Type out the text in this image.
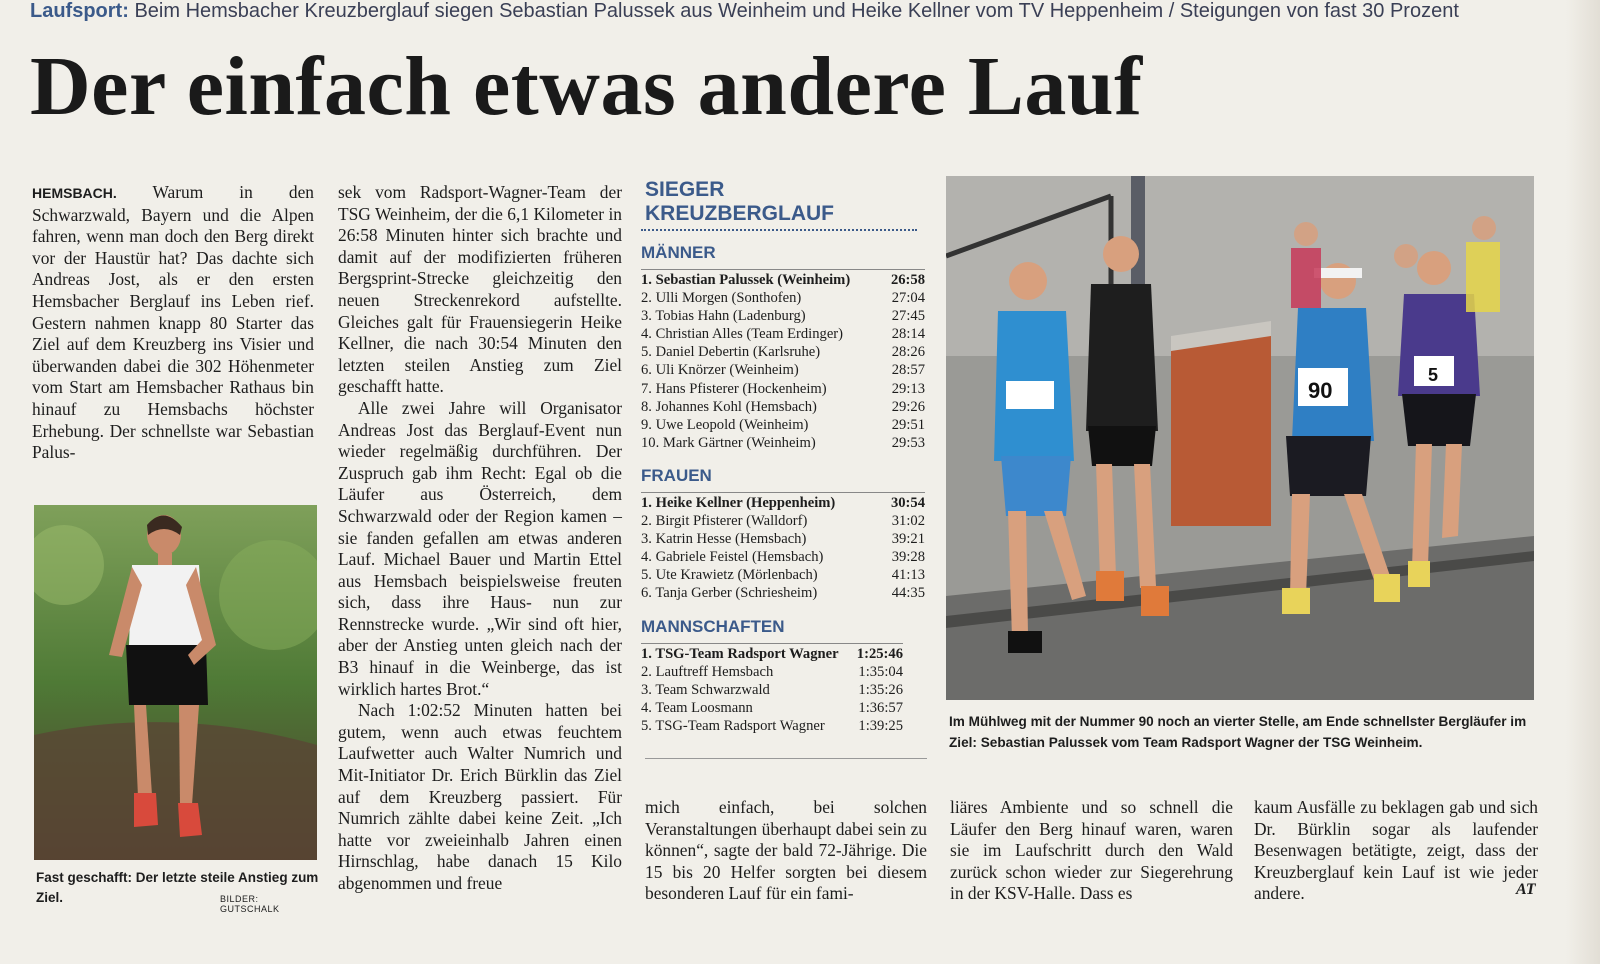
Laufsport: Beim Hemsbacher Kreuzberglauf siegen Sebastian Palussek aus Weinheim und Heike Kellner vom TV Heppenheim / Steigungen von fast 30 Prozent
Der einfach etwas andere Lauf

HEMSBACH. Warum in den Schwarzwald, Bayern und die Alpen fahren, wenn man doch den Berg direkt vor der Haustür hat? Das dachte sich Andreas Jost, als er den ersten Hemsbacher Berglauf ins Leben rief. Gestern nahmen knapp 80 Starter das Ziel auf dem Kreuzberg ins Visier und überwanden dabei die 302 Höhenmeter vom Start am Hemsbacher Rathaus bin hinauf zu Hemsbachs höchster Erhebung. Der schnellste war Sebastian Palus-

Fast geschafft: Der letzte steile Anstieg zum Ziel.	BILDER: GUTSCHALK

sek vom Radsport-Wagner-Team der TSG Weinheim, der die 6,1 Kilometer in 26:58 Minuten hinter sich brachte und damit auf der modifizierten früheren Bergsprint-Strecke gleichzeitig den neuen Streckenrekord aufstellte. Gleiches galt für Frauensiegerin Heike Kellner, die nach 30:54 Minuten den letzten steilen Anstieg zum Ziel geschafft hatte.

Alle zwei Jahre will Organisator Andreas Jost das Berglauf-Event nun wieder regelmäßig durchführen. Der Zuspruch gab ihm Recht: Egal ob die Läufer aus Österreich, dem Schwarzwald oder der Region kamen – sie fanden gefallen am etwas anderen Lauf. Michael Bauer und Martin Ettel aus Hemsbach beispielsweise freuten sich, dass ihre Haus- nun zur Rennstrecke wurde. „Wir sind oft hier, aber der Anstieg unten gleich nach der B3 hinauf in die Weinberge, das ist wirklich hartes Brot.“

Nach 1:02:52 Minuten hatten bei gutem, wenn auch etwas feuchtem Laufwetter auch Walter Numrich und Mit-Initiator Dr. Erich Bürklin das Ziel auf dem Kreuzberg passiert. Für Numrich zählte dabei keine Zeit. „Ich hatte vor zweieinhalb Jahren einen Hirnschlag, habe danach 15 Kilo abgenommen und freue

SIEGER KREUZBERGLAUF
MÄNNER
1. Sebastian Palussek (Weinheim)	26:58
2. Ulli Morgen (Sonthofen)	27:04
3. Tobias Hahn (Ladenburg)	27:45
4. Christian Alles (Team Erdinger)	28:14
5. Daniel Debertin (Karlsruhe)	28:26
6. Uli Knörzer (Weinheim)	28:57
7. Hans Pfisterer (Hockenheim)	29:13
8. Johannes Kohl (Hemsbach)	29:26
9. Uwe Leopold (Weinheim)	29:51
10. Mark Gärtner (Weinheim)	29:53
FRAUEN
1. Heike Kellner (Heppenheim)	30:54
2. Birgit Pfisterer (Walldorf)	31:02
3. Katrin Hesse (Hemsbach)	39:21
4. Gabriele Feistel (Hemsbach)	39:28
5. Ute Krawietz (Mörlenbach)	41:13
6. Tanja Gerber (Schriesheim)	44:35
MANNSCHAFTEN
1. TSG-Team Radsport Wagner 1:25:46
2. Lauftreff Hemsbach	1:35:04
3. Team Schwarzwald	1:35:26
4. Team Loosmann	1:36:57
5. TSG-Team Radsport Wagner 1:39:25
90
5
Im Mühlweg mit der Nummer 90 noch an vierter Stelle, am Ende schnellster Bergläufer im Ziel: Sebastian Palussek vom Team Radsport Wagner der TSG Weinheim.

mich einfach, bei solchen Veranstaltungen überhaupt dabei sein zu können“, sagte der bald 72-Jährige. Die 15 bis 20 Helfer sorgten bei diesem besonderen Lauf für ein fami-

liäres Ambiente und so schnell die Läufer den Berg hinauf waren, waren sie im Laufschritt durch den Wald zurück schon wieder zur Siegerehrung in der KSV-Halle. Dass es

kaum Ausfälle zu beklagen gab und sich Dr. Bürklin sogar als laufender Besenwagen betätigte, zeigt, dass der Kreuzberglauf kein Lauf ist wie jeder andere.	AT
